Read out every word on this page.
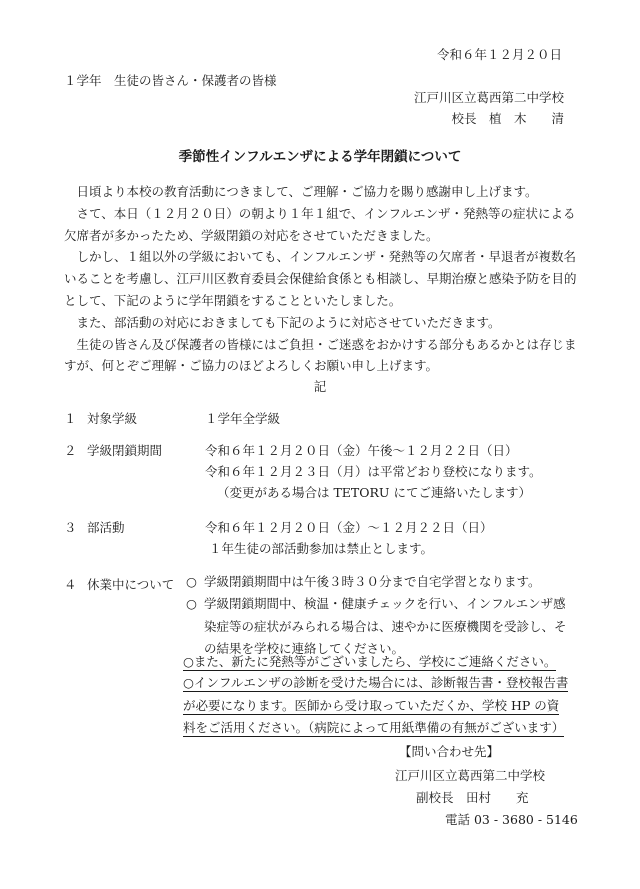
令和６年１２月２０日
１学年　生徒の皆さん・保護者の皆様
江戸川区立葛西第二中学校
校長　植　木　　清
季節性インフルエンザによる学年閉鎖について

日頃より本校の教育活動につきまして、ご理解・ご協力を賜り感謝申し上げます。

さて、本日（１２月２０日）の朝より１年１組で、インフルエンザ・発熱等の症状による欠席者が多かったため、学級閉鎖の対応をさせていただきました。

しかし、１組以外の学級においても、インフルエンザ・発熱等の欠席者・早退者が複数名いることを考慮し、江戸川区教育委員会保健給食係とも相談し、早期治療と感染予防を目的として、下記のように学年閉鎖をすることといたしました。

また、部活動の対応におきましても下記のように対応させていただきます。

生徒の皆さん及び保護者の皆様にはご負担・ご迷惑をおかけする部分もあるかとは存じますが、何とぞご理解・ご協力のほどよろしくお願い申し上げます。

記
１ 対象学級	１学年全学級
２ 学級閉鎖期間	令和６年１２月２０日（金）午後～１２月２２日（日）
令和６年１２月２３日（月）は平常どおり登校になります。
（変更がある場合は TETORU にてご連絡いたします）
３ 部活動	令和６年１２月２０日（金）～１２月２２日（日）
１年生徒の部活動参加は禁止とします。
４ 休業中について ○ 学級閉鎖期間中は午後３時３０分まで自宅学習となります。
○ 学級閉鎖期間中、検温・健康チェックを行い、インフルエンザ感染症等の症状がみられる場合は、速やかに医療機関を受診し、その結果を学校に連絡してください。
○また、新たに発熱等がございましたら、学校にご連絡ください。
○インフルエンザの診断を受けた場合には、診断報告書・登校報告書が必要になります。医師から受け取っていただくか、学校 HP の資料をご活用ください。（病院によって用紙準備の有無がございます）
【問い合わせ先】
江戸川区立葛西第二中学校
副校長　田村　　充
電話 03 - 3680 - 5146
